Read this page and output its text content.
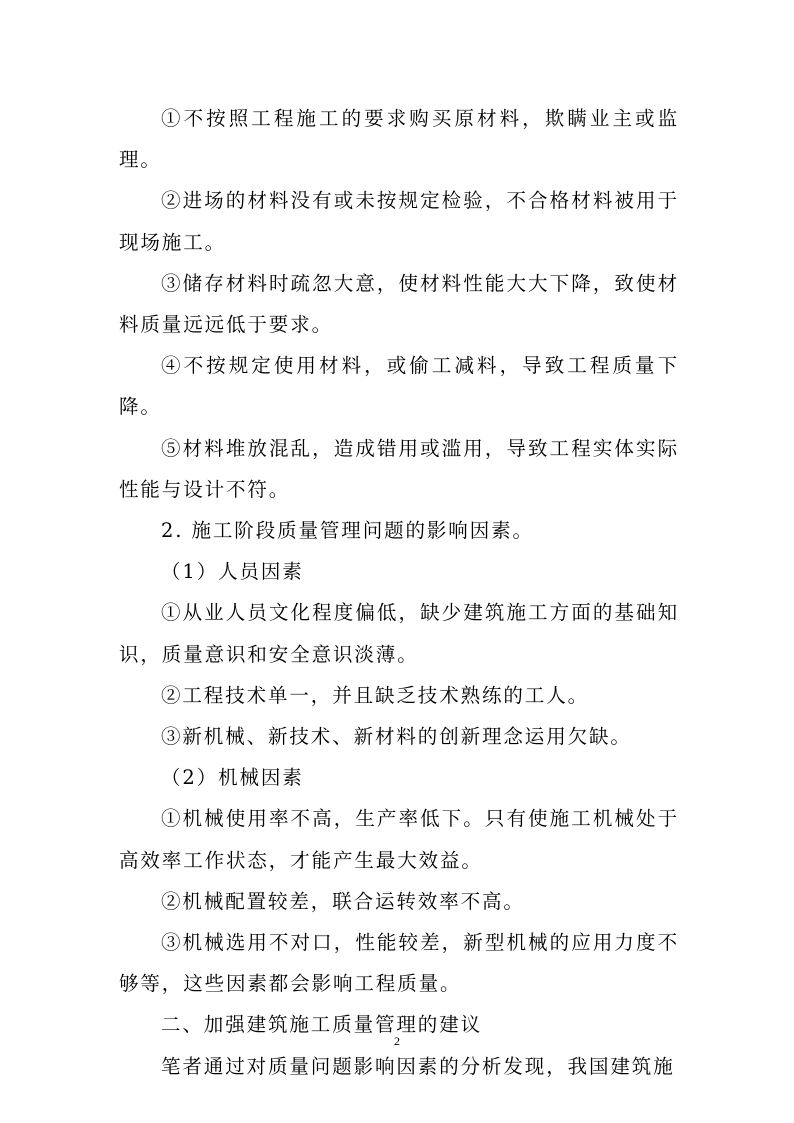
①不按照工程施工的要求购买原材料，欺瞒业主或监理。

②进场的材料没有或未按规定检验，不合格材料被用于现场施工。

③储存材料时疏忽大意，使材料性能大大下降，致使材料质量远远低于要求。

④不按规定使用材料，或偷工减料，导致工程质量下降。

⑤材料堆放混乱，造成错用或滥用，导致工程实体实际性能与设计不符。

2. 施工阶段质量管理问题的影响因素。

（1）人员因素

①从业人员文化程度偏低，缺少建筑施工方面的基础知识，质量意识和安全意识淡薄。

②工程技术单一，并且缺乏技术熟练的工人。

③新机械、新技术、新材料的创新理念运用欠缺。

（2）机械因素

①机械使用率不高，生产率低下。只有使施工机械处于高效率工作状态，才能产生最大效益。

②机械配置较差，联合运转效率不高。

③机械选用不对口，性能较差，新型机械的应用力度不够等，这些因素都会影响工程质量。

二、加强建筑施工质量管理的建议

笔者通过对质量问题影响因素的分析发现，我国建筑施

2
